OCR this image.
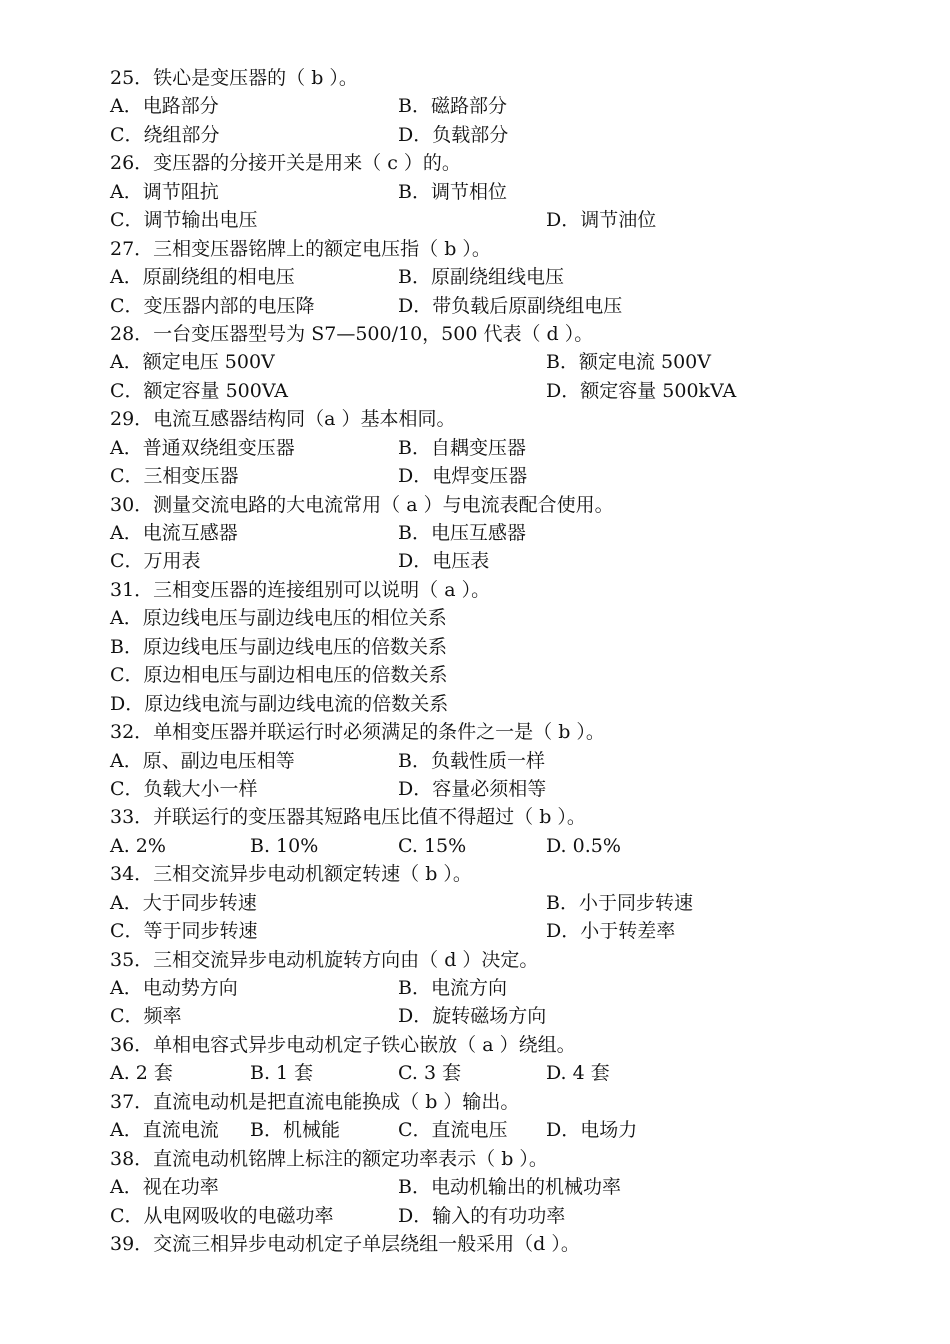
25．铁心是变压器的（ b ）。
A．电路部分	B．磁路部分
C．绕组部分	D．负载部分
26．变压器的分接开关是用来（ c ）的。
A．调节阻抗	B．调节相位
C．调节输出电压	D．调节油位
27．三相变压器铭牌上的额定电压指（ b ）。
A．原副绕组的相电压	B．原副绕组线电压
C．变压器内部的电压降	D．带负载后原副绕组电压
28．一台变压器型号为 S7—500/10，500 代表（ d ）。
A．额定电压 500V	B．额定电流 500V
C．额定容量 500VA	D．额定容量 500kVA
29．电流互感器结构同（a ）基本相同。
A．普通双绕组变压器	B．自耦变压器
C．三相变压器	D．电焊变压器
30．测量交流电路的大电流常用（ a ）与电流表配合使用。
A．电流互感器	B．电压互感器
C．万用表	D．电压表
31．三相变压器的连接组别可以说明（ a ）。
A．原边线电压与副边线电压的相位关系
B．原边线电压与副边线电压的倍数关系
C．原边相电压与副边相电压的倍数关系
D．原边线电流与副边线电流的倍数关系
32．单相变压器并联运行时必须满足的条件之一是（ b ）。
A．原、副边电压相等	B．负载性质一样
C．负载大小一样	D．容量必须相等
33．并联运行的变压器其短路电压比值不得超过（ b ）。
A. 2%	B. 10%	C. 15%	D. 0.5%
34．三相交流异步电动机额定转速（ b ）。
A．大于同步转速	B．小于同步转速
C．等于同步转速	D．小于转差率
35．三相交流异步电动机旋转方向由（ d ）决定。
A．电动势方向	B．电流方向
C．频率	D．旋转磁场方向
36．单相电容式异步电动机定子铁心嵌放（ a ）绕组。
A. 2 套	B. 1 套	C. 3 套	D. 4 套
37．直流电动机是把直流电能换成（ b ）输出。
A．直流电流 B．机械能	C．直流电压 D．电场力
38．直流电动机铭牌上标注的额定功率表示（ b ）。
A．视在功率	B．电动机输出的机械功率
C．从电网吸收的电磁功率	D．输入的有功功率
39．交流三相异步电动机定子单层绕组一般采用（d ）。
